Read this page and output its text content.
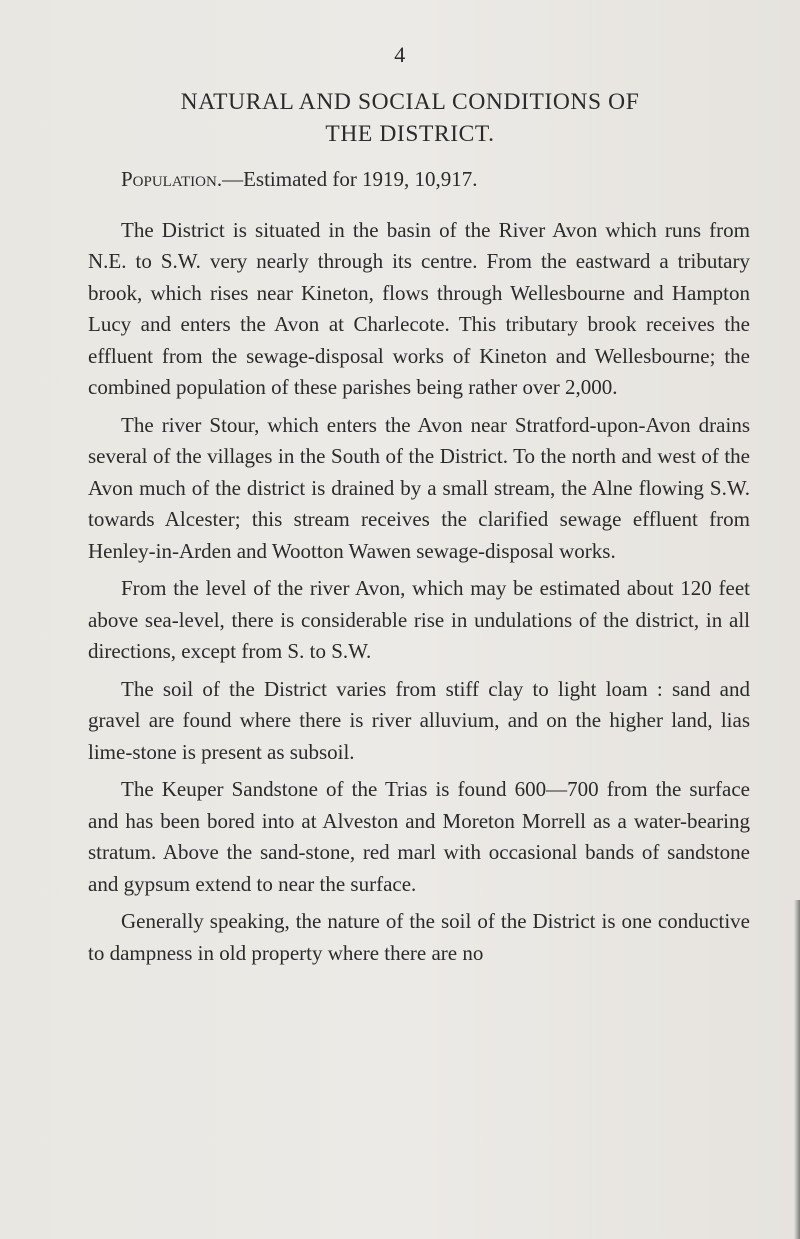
4
NATURAL AND SOCIAL CONDITIONS OF
THE DISTRICT.

Population.—Estimated for 1919, 10,917.

The District is situated in the basin of the River Avon which runs from N.E. to S.W. very nearly through its centre. From the eastward a tributary brook, which rises near Kineton, flows through Wellesbourne and Hampton Lucy and enters the Avon at Charlecote. This tributary brook receives the effluent from the sewage-disposal works of Kineton and Wellesbourne; the combined population of these parishes being rather over 2,000.

The river Stour, which enters the Avon near Stratford-upon-Avon drains several of the villages in the South of the District. To the north and west of the Avon much of the district is drained by a small stream, the Alne flowing S.W. towards Alcester; this stream receives the clarified sewage effluent from Henley-in-Arden and Wootton Wawen sewage-disposal works.

From the level of the river Avon, which may be estimated about 120 feet above sea-level, there is considerable rise in undulations of the district, in all directions, except from S. to S.W.

The soil of the District varies from stiff clay to light loam : sand and gravel are found where there is river alluvium, and on the higher land, lias lime-stone is present as subsoil.

The Keuper Sandstone of the Trias is found 600—700 from the surface and has been bored into at Alveston and Moreton Morrell as a water-bearing stratum. Above the sand-stone, red marl with occasional bands of sandstone and gypsum extend to near the surface.

Generally speaking, the nature of the soil of the District is one conductive to dampness in old property where there are no
